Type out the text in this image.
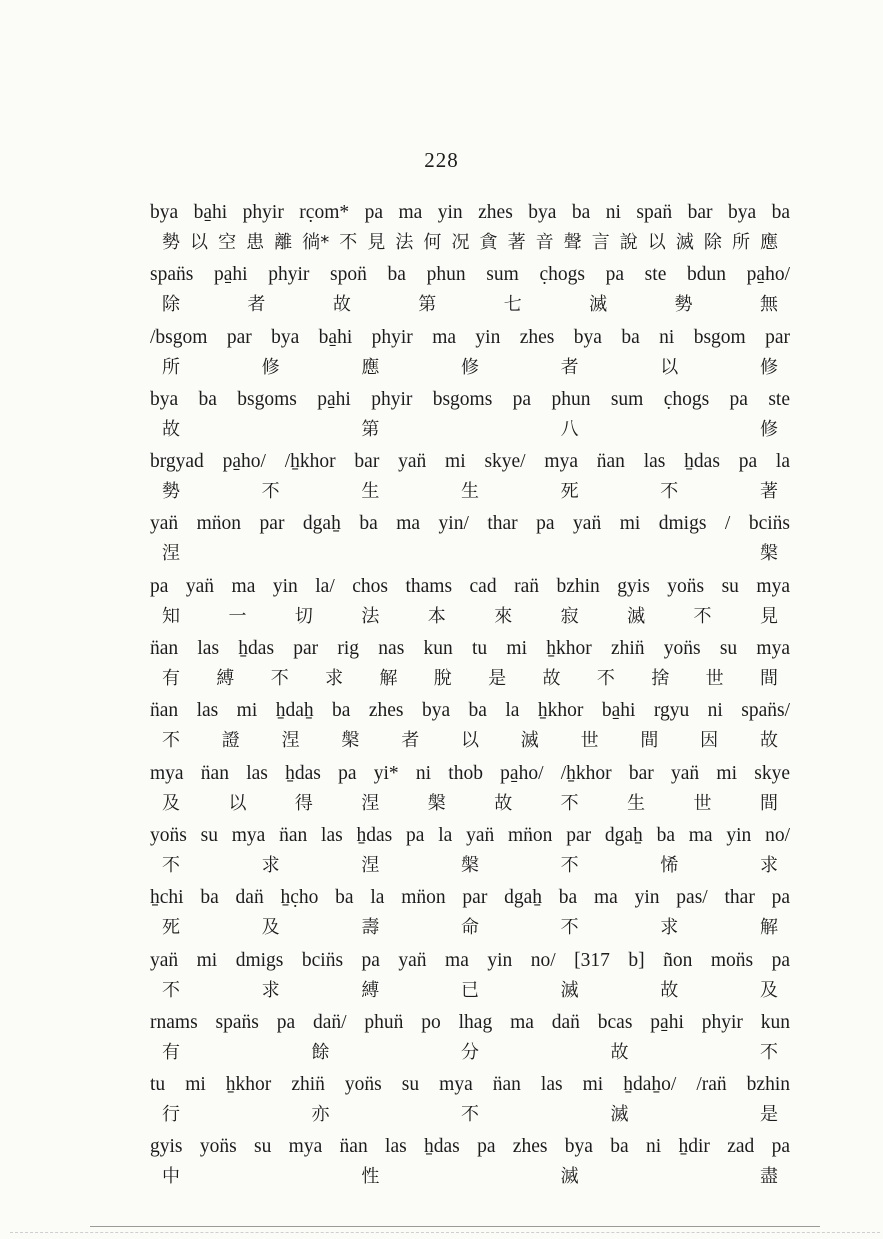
228
bya ba̱hi phyir rc̣om* pa ma yin zhes bya ba ni span̈ bar bya ba
勢 以 空 患 離 徜* 不 見 法 何 况 貪 著 音 聲 言 說 以 滅 除 所 應
span̈s pa̱hi phyir spon̈ ba phun sum c̣hogs pa ste bdun pa̱ho/
除	者	故	第	七	滅	勢	無
/bsgom par bya ba̱hi phyir ma yin zhes bya ba ni bsgom par
所	修	應	修	者	以	修
bya ba bsgoms pa̱hi phyir bsgoms pa phun sum c̣hogs pa ste
故	第	八	修
brgyad pa̱ho/ /ẖkhor bar yan̈ mi skye/ mya n̈an las ẖdas pa la
勢	不	生	生	死	不	著
yan̈ mn̈on par dgaẖ ba ma yin/ thar pa yan̈ mi dmigs / bcin̈s
涅	槃
pa yan̈ ma yin la/ chos thams cad ran̈ bzhin gyis yon̈s su mya
知	一	切	法	本	來	寂	滅	不	見
n̈an las ẖdas par rig nas kun tu mi ẖkhor zhin̈ yon̈s su mya
有 縛 不 求 解 脫 是 故 不 捨 世 間
n̈an las mi ẖdaẖ ba zhes bya ba la ẖkhor ba̱hi rgyu ni span̈s/
不 證 涅 槃 者 以 滅 世 間 因 故
mya n̈an las ẖdas pa yi* ni thob pa̱ho/ /ẖkhor bar yan̈ mi skye
及	以	得	涅	槃	故	不	生	世	間
yon̈s su mya n̈an las ẖdas pa la yan̈ mn̈on par dgaẖ ba ma yin no/
不	求	涅	槃	不	悕	求
ẖchi ba dan̈ ẖc̣ho ba la mn̈on par dgaẖ ba ma yin pas/ thar pa
死	及	壽	命	不	求	解
yan̈ mi dmigs bcin̈s pa yan̈ ma yin no/ [317 b] ñon mon̈s pa
不	求	縛	已	滅	故	及
rnams span̈s pa dan̈/ phun̈ po lhag ma dan̈ bcas pa̱hi phyir kun
有	餘	分	故	不
tu mi ẖkhor zhin̈ yon̈s su mya n̈an las mi ẖdaẖo/ /ran̈ bzhin
行	亦	不	滅	是
gyis yon̈s su mya n̈an las ẖdas pa zhes bya ba ni ẖdir zad pa
中	性	滅	盡
